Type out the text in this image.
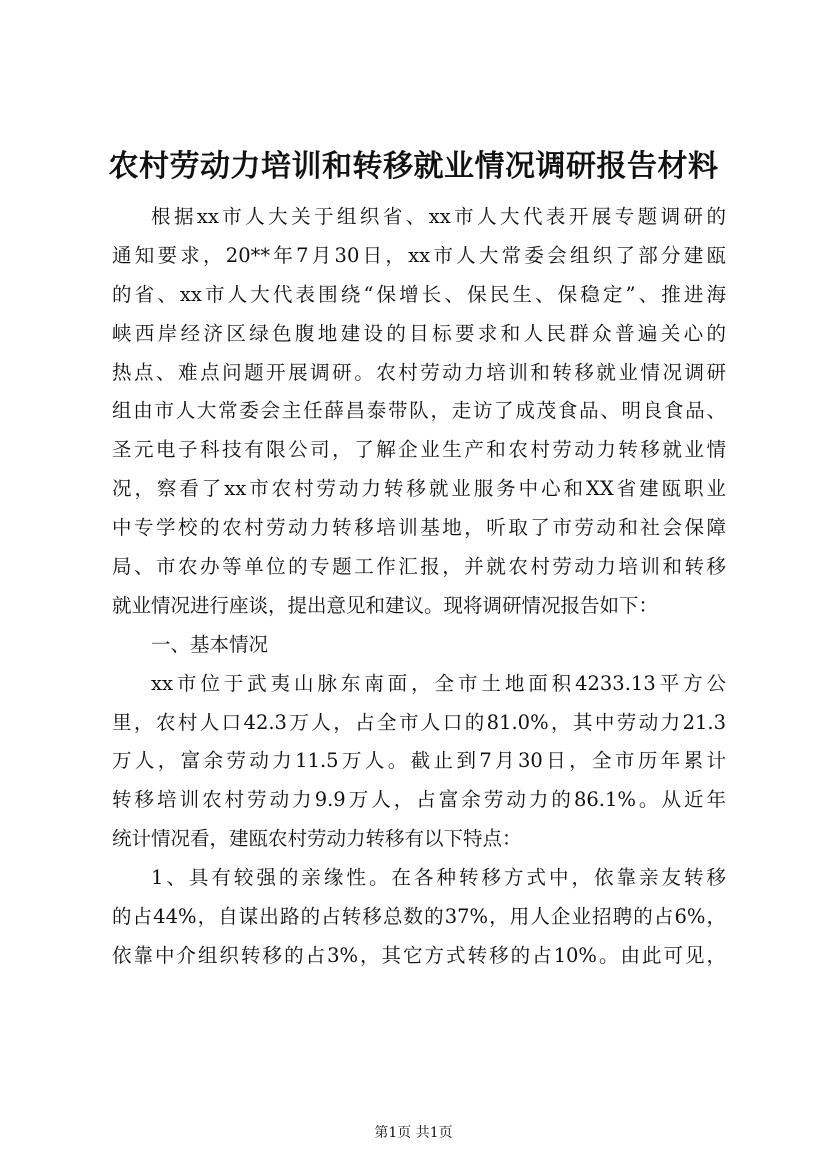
农村劳动力培训和转移就业情况调研报告材料
根据xx市人大关于组织省、xx市人大代表开展专题调研的
通知要求，20**年7月30日，xx市人大常委会组织了部分建瓯
的省、xx市人大代表围绕“保增长、保民生、保稳定”、推进海
峡西岸经济区绿色腹地建设的目标要求和人民群众普遍关心的
热点、难点问题开展调研。农村劳动力培训和转移就业情况调研
组由市人大常委会主任薛昌泰带队，走访了成茂食品、明良食品、
圣元电子科技有限公司，了解企业生产和农村劳动力转移就业情
况，察看了xx市农村劳动力转移就业服务中心和XX省建瓯职业
中专学校的农村劳动力转移培训基地，听取了市劳动和社会保障
局、市农办等单位的专题工作汇报，并就农村劳动力培训和转移
就业情况进行座谈，提出意见和建议。现将调研情况报告如下：
一、基本情况
xx市位于武夷山脉东南面，全市土地面积4233.13平方公
里，农村人口42.3万人，占全市人口的81.0%，其中劳动力21.3
万人，富余劳动力11.5万人。截止到7月30日，全市历年累计
转移培训农村劳动力9.9万人，占富余劳动力的86.1%。从近年
统计情况看，建瓯农村劳动力转移有以下特点：
1、具有较强的亲缘性。在各种转移方式中，依靠亲友转移
的占44%，自谋出路的占转移总数的37%，用人企业招聘的占6%，
依靠中介组织转移的占3%，其它方式转移的占10%。由此可见，
第1页 共1页
